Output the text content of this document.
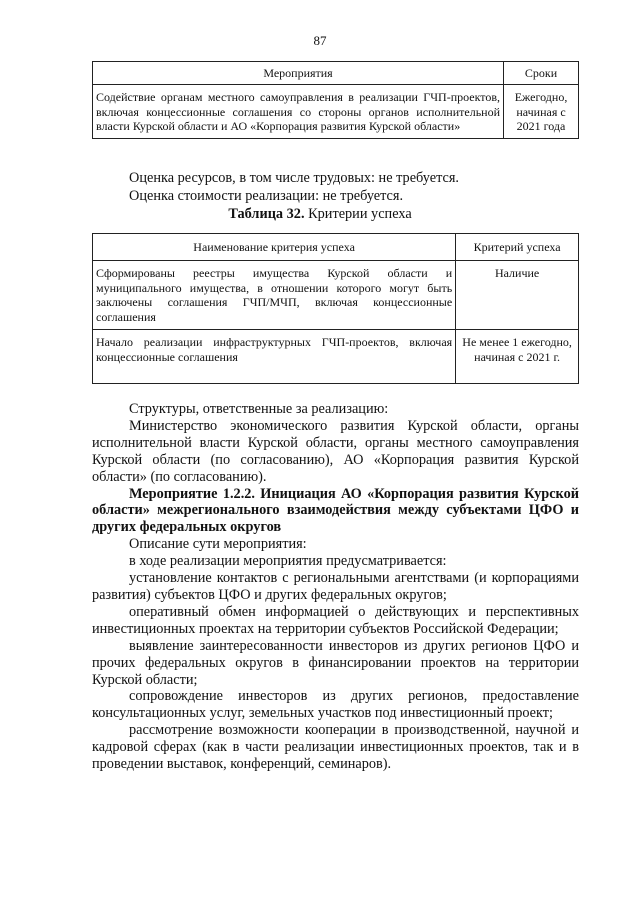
87
Мероприятия	Сроки
Содействие органам местного самоуправления в реализации ГЧП-проектов, включая концессионные соглашения со стороны органов исполнительной власти Курской области и АО «Корпорация развития Курской области»	Ежегодно, начиная с 2021 года
Оценка ресурсов, в том числе трудовых: не требуется.
Оценка стоимости реализации: не требуется.
Таблица 32. Критерии успеха
Наименование критерия успеха	Критерий успеха
Сформированы реестры имущества Курской области и муниципального имущества, в отношении которого могут быть заключены соглашения ГЧП/МЧП, включая концессионные соглашения	Наличие
Начало реализации инфраструктурных ГЧП-проектов, включая концессионные соглашения	Не менее 1 ежегодно, начиная с 2021 г.

Структуры, ответственные за реализацию:

Министерство экономического развития Курской области, органы исполнительной власти Курской области, органы местного самоуправления Курской области (по согласованию), АО «Корпорация развития Курской области» (по согласованию).

Мероприятие 1.2.2. Инициация АО «Корпорация развития Курской области» межрегионального взаимодействия между субъектами ЦФО и других федеральных округов

Описание сути мероприятия:

в ходе реализации мероприятия предусматривается:

установление контактов с региональными агентствами (и корпорациями развития) субъектов ЦФО и других федеральных округов;

оперативный обмен информацией о действующих и перспективных инвестиционных проектах на территории субъектов Российской Федерации;

выявление заинтересованности инвесторов из других регионов ЦФО и прочих федеральных округов в финансировании проектов на территории Курской области;

сопровождение инвесторов из других регионов, предоставление консультационных услуг, земельных участков под инвестиционный проект;

рассмотрение возможности кооперации в производственной, научной и кадровой сферах (как в части реализации инвестиционных проектов, так и в проведении выставок, конференций, семинаров).
